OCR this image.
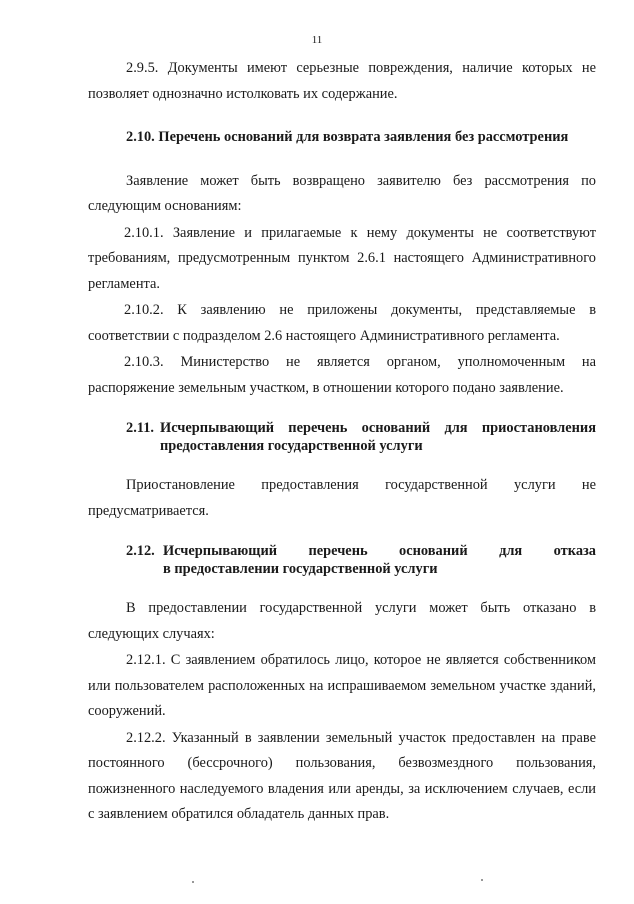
11

2.9.5. Документы имеют серьезные повреждения, наличие которых не позволяет однозначно истолковать их содержание.

2.10. Перечень оснований для возврата заявления без рассмотрения

Заявление может быть возвращено заявителю без рассмотрения по следующим основаниям:

2.10.1. Заявление и прилагаемые к нему документы не соответствуют требованиям, предусмотренным пунктом 2.6.1 настоящего Административного регламента.

2.10.2. К заявлению не приложены документы, представляемые в соответствии с подразделом 2.6 настоящего Административного регламента.

2.10.3. Министерство не является органом, уполномоченным на распоряжение земельным участком, в отношении которого подано заявление.

2.11. Исчерпывающий перечень оснований для приостановления
предоставления государственной услуги

Приостановление предоставления государственной услуги не предусматривается.

2.12. Исчерпывающий перечень оснований для отказа
в предоставлении государственной услуги

В предоставлении государственной услуги может быть отказано в следующих случаях:

2.12.1. С заявлением обратилось лицо, которое не является собственником или пользователем расположенных на испрашиваемом земельном участке зданий, сооружений.

2.12.2. Указанный в заявлении земельный участок предоставлен на праве постоянного (бессрочного) пользования, безвозмездного пользования, пожизненного наследуемого владения или аренды, за исключением случаев, если с заявлением обратился обладатель данных прав.
